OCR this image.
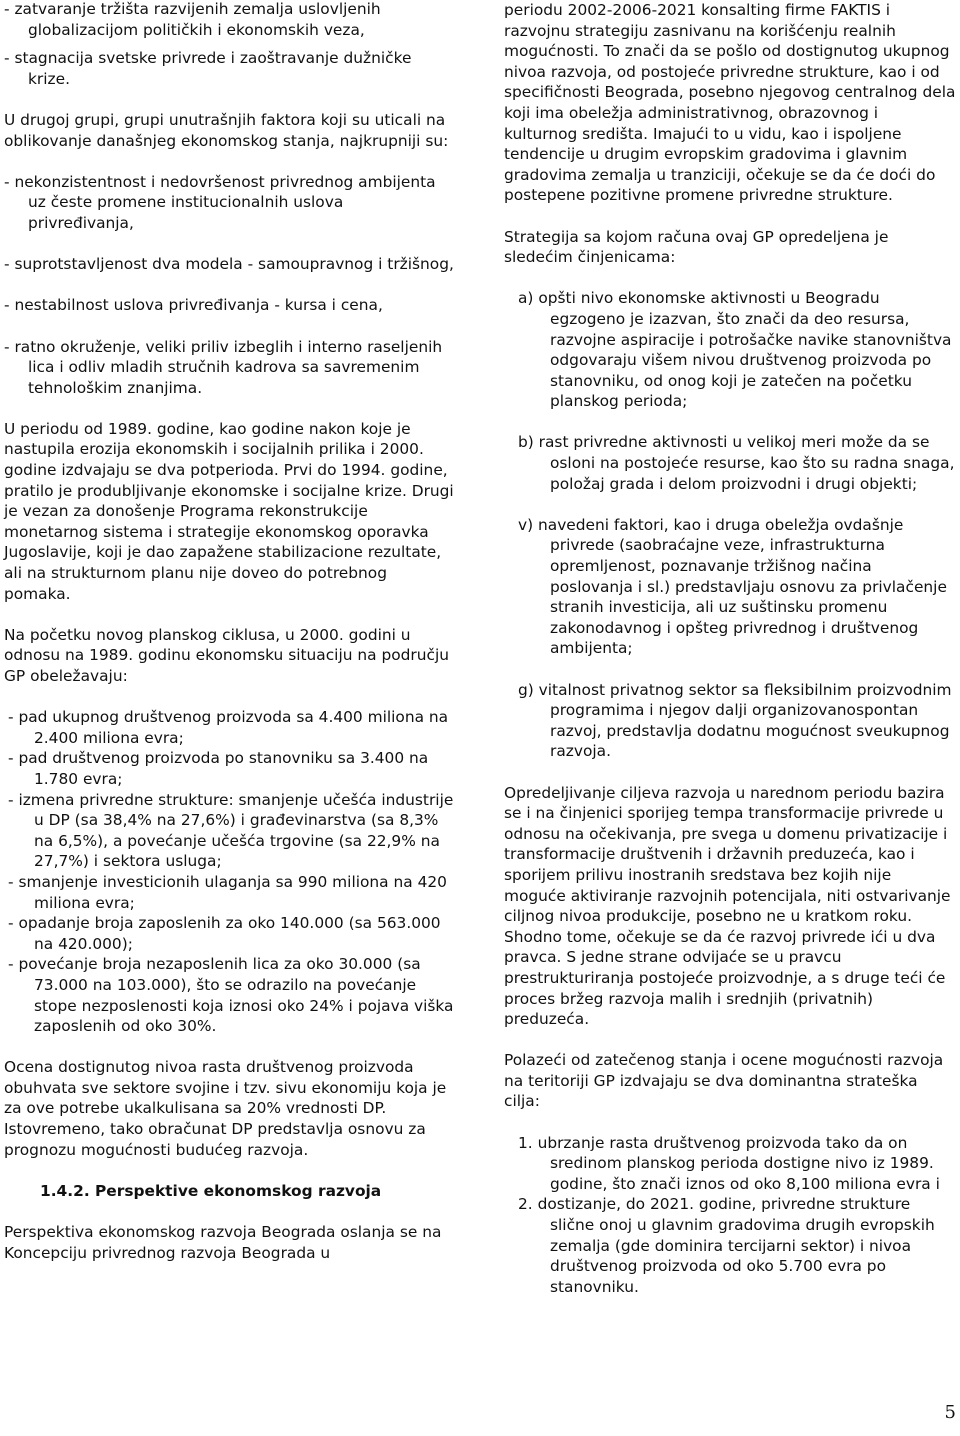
- zatvaranje tržišta razvijenih zemalja uslovljenih globalizacijom političkih i ekonomskih veza,

- stagnacija svetske privrede i zaoštravanje dužničke krize.

U drugoj grupi, grupi unutrašnjih faktora koji su uticali na oblikovanje današnjeg ekonomskog stanja, najkrupniji su:

- nekonzistentnost i nedovršenost privrednog ambijenta uz česte promene institucionalnih uslova privređivanja,

- suprotstavljenost dva modela - samoupravnog i tržišnog,

- nestabilnost uslova privređivanja - kursa i cena,

- ratno okruženje, veliki priliv izbeglih i interno raseljenih lica i odliv mladih stručnih kadrova sa savremenim tehnološkim znanjima.

U periodu od 1989. godine, kao godine nakon koje je nastupila erozija ekonomskih i socijalnih prilika i 2000. godine izdvajaju se dva potperioda. Prvi do 1994. godine, pratilo je produbljivanje ekonomske i socijalne krize. Drugi je vezan za donošenje Programa rekonstrukcije monetarnog sistema i strategije ekonomskog oporavka Jugoslavije, koji je dao zapažene stabilizacione rezultate, ali na strukturnom planu nije doveo do potrebnog pomaka.

Na početku novog planskog ciklusa, u 2000. godini u odnosu na 1989. godinu ekonomsku situaciju na području GP obeležavaju:

- pad ukupnog društvenog proizvoda sa 4.400 miliona na 2.400 miliona evra;

- pad društvenog proizvoda po stanovniku sa 3.400 na 1.780 evra;

- izmena privredne strukture: smanjenje učešća industrije u DP (sa 38,4% na 27,6%) i građevinarstva (sa 8,3% na 6,5%), a povećanje učešća trgovine (sa 22,9% na 27,7%) i sektora usluga;

- smanjenje investicionih ulaganja sa 990 miliona na 420 miliona evra;

- opadanje broja zaposlenih za oko 140.000 (sa 563.000 na 420.000);

- povećanje broja nezaposlenih lica za oko 30.000 (sa 73.000 na 103.000), što se odrazilo na povećanje stope nezposlenosti koja iznosi oko 24% i pojava viška zaposlenih od oko 30%.

Ocena dostignutog nivoa rasta društvenog proizvoda obuhvata sve sektore svojine i tzv. sivu ekonomiju koja je za ove potrebe ukalkulisana sa 20% vrednosti DP. Istovremeno, tako obračunat DP predstavlja osnovu za prognozu mogućnosti budućeg razvoja.

1.4.2. Perspektive ekonomskog razvoja

Perspektiva ekonomskog razvoja Beograda oslanja se na Koncepciju privrednog razvoja Beograda u

periodu 2002-2006-2021 konsalting firme FAKTIS i razvojnu strategiju zasnivanu na korišćenju realnih mogućnosti. To znači da se pošlo od dostignutog ukupnog nivoa razvoja, od postojeće privredne strukture, kao i od specifičnosti Beograda, posebno njegovog centralnog dela koji ima obeležja administrativnog, obrazovnog i kulturnog središta. Imajući to u vidu, kao i ispoljene tendencije u drugim evropskim gradovima i glavnim gradovima zemalja u tranziciji, očekuje se da će doći do postepene pozitivne promene privredne strukture.

Strategija sa kojom računa ovaj GP opredeljena je sledećim činjenicama:

a) opšti nivo ekonomske aktivnosti u Beogradu egzogeno je izazvan, što znači da deo resursa, razvojne aspiracije i potrošačke navike stanovništva odgovaraju višem nivou društvenog proizvoda po stanovniku, od onog koji je zatečen na početku planskog perioda;

b) rast privredne aktivnosti u velikoj meri može da se osloni na postojeće resurse, kao što su radna snaga, položaj grada i delom proizvodni i drugi objekti;

v) navedeni faktori, kao i druga obeležja ovdašnje privrede (saobraćajne veze, infrastrukturna opremljenost, poznavanje tržišnog načina poslovanja i sl.) predstavljaju osnovu za privlačenje stranih investicija, ali uz suštinsku promenu zakonodavnog i opšteg privrednog i društvenog ambijenta;

g) vitalnost privatnog sektor sa fleksibilnim proizvodnim programima i njegov dalji organizovanospontan razvoj, predstavlja dodatnu mogućnost sveukupnog razvoja.

Opredeljivanje ciljeva razvoja u narednom periodu bazira se i na činjenici sporijeg tempa transformacije privrede u odnosu na očekivanja, pre svega u domenu privatizacije i transformacije društvenih i državnih preduzeća, kao i sporijem prilivu inostranih sredstava bez kojih nije moguće aktiviranje razvojnih potencijala, niti ostvarivanje ciljnog nivoa produkcije, posebno ne u kratkom roku. Shodno tome, očekuje se da će razvoj privrede ići u dva pravca. S jedne strane odvijaće se u pravcu prestrukturiranja postojeće proizvodnje, a s druge teći će proces bržeg razvoja malih i srednjih (privatnih) preduzeća.

Polazeći od zatečenog stanja i ocene mogućnosti razvoja na teritoriji GP izdvajaju se dva dominantna strateška cilja:

1. ubrzanje rasta društvenog proizvoda tako da on sredinom planskog perioda dostigne nivo iz 1989. godine, što znači iznos od oko 8,100 miliona evra i

2. dostizanje, do 2021. godine, privredne strukture slične onoj u glavnim gradovima drugih evropskih zemalja (gde dominira tercijarni sektor) i nivoa društvenog proizvoda od oko 5.700 evra po stanovniku.

5
